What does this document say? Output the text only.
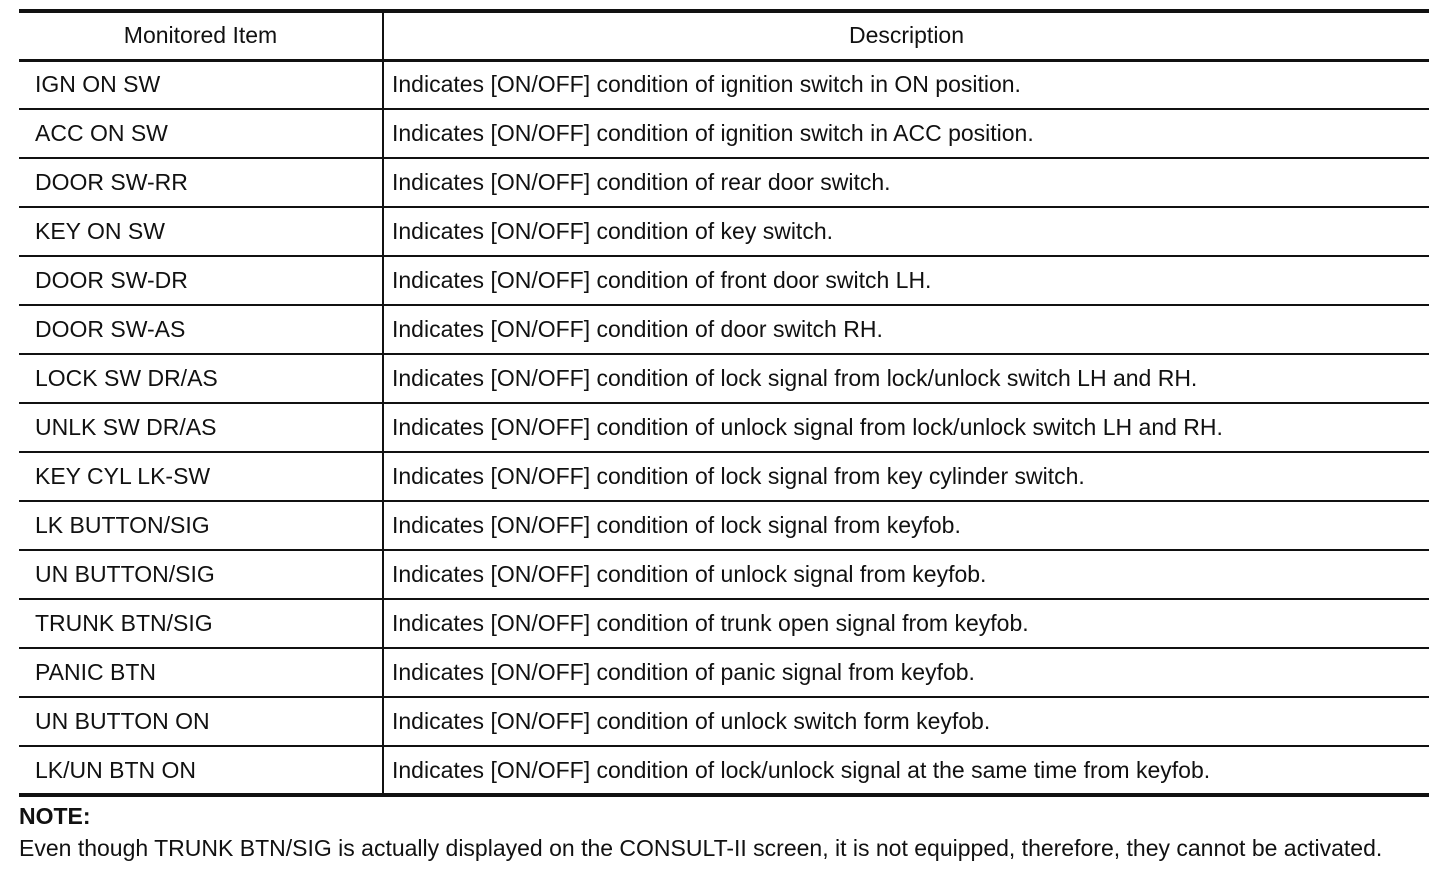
Monitored Item	Description
IGN ON SW	Indicates [ON/OFF] condition of ignition switch in ON position.
ACC ON SW	Indicates [ON/OFF] condition of ignition switch in ACC position.
DOOR SW-RR	Indicates [ON/OFF] condition of rear door switch.
KEY ON SW	Indicates [ON/OFF] condition of key switch.
DOOR SW-DR	Indicates [ON/OFF] condition of front door switch LH.
DOOR SW-AS	Indicates [ON/OFF] condition of door switch RH.
LOCK SW DR/AS	Indicates [ON/OFF] condition of lock signal from lock/unlock switch LH and RH.
UNLK SW DR/AS	Indicates [ON/OFF] condition of unlock signal from lock/unlock switch LH and RH.
KEY CYL LK-SW	Indicates [ON/OFF] condition of lock signal from key cylinder switch.
LK BUTTON/SIG	Indicates [ON/OFF] condition of lock signal from keyfob.
UN BUTTON/SIG	Indicates [ON/OFF] condition of unlock signal from keyfob.
TRUNK BTN/SIG	Indicates [ON/OFF] condition of trunk open signal from keyfob.
PANIC BTN	Indicates [ON/OFF] condition of panic signal from keyfob.
UN BUTTON ON	Indicates [ON/OFF] condition of unlock switch form keyfob.
LK/UN BTN ON	Indicates [ON/OFF] condition of lock/unlock signal at the same time from keyfob.
NOTE:
Even though TRUNK BTN/SIG is actually displayed on the CONSULT-II screen, it is not equipped, therefore, they cannot be activated.
